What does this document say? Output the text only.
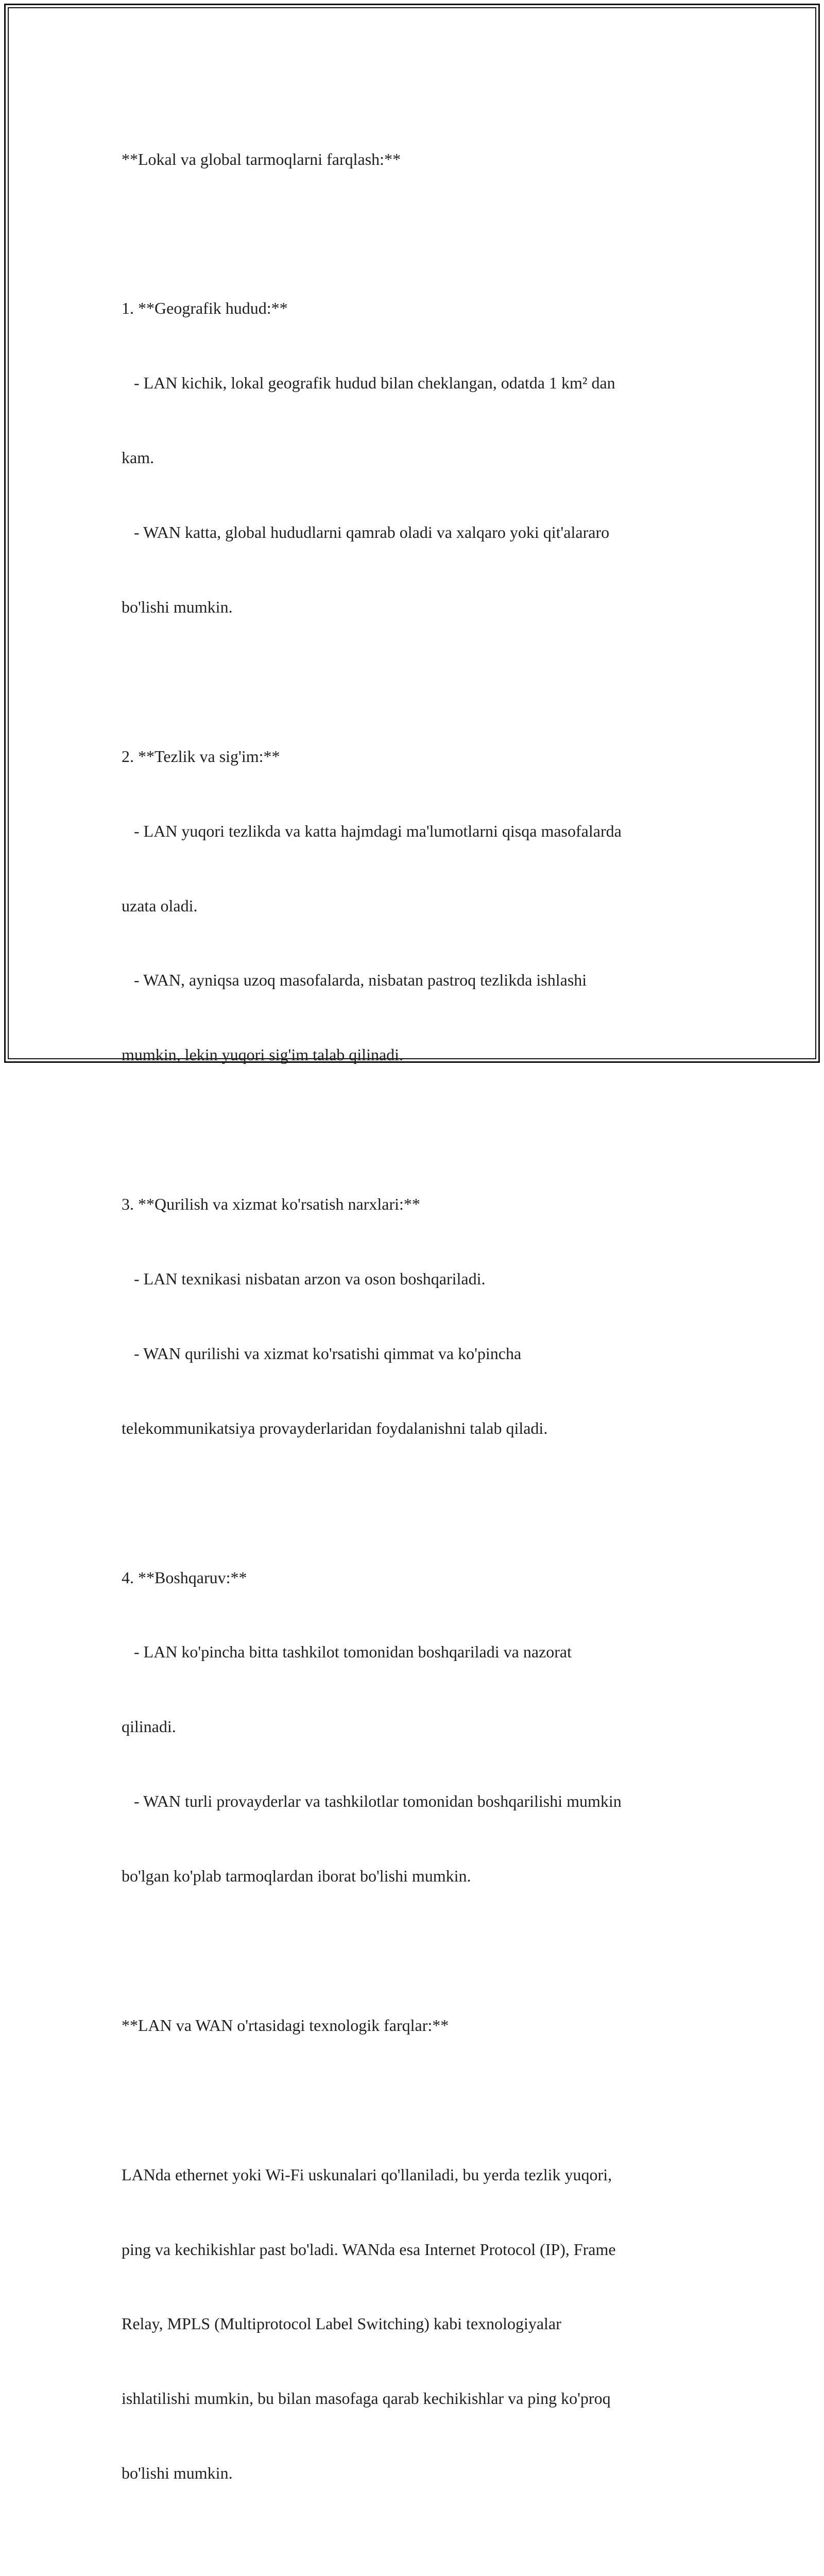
**Lokal va global tarmoqlarni farqlash:**

1. **Geografik hudud:**

- LAN kichik, lokal geografik hudud bilan cheklangan, odatda 1 km² dan

kam.

- WAN katta, global hududlarni qamrab oladi va xalqaro yoki qit'alararo

bo'lishi mumkin.

2. **Tezlik va sig'im:**

- LAN yuqori tezlikda va katta hajmdagi ma'lumotlarni qisqa masofalarda

uzata oladi.

- WAN, ayniqsa uzoq masofalarda, nisbatan pastroq tezlikda ishlashi

mumkin, lekin yuqori sig'im talab qilinadi.

3. **Qurilish va xizmat ko'rsatish narxlari:**

- LAN texnikasi nisbatan arzon va oson boshqariladi.

- WAN qurilishi va xizmat ko'rsatishi qimmat va ko'pincha

telekommunikatsiya provayderlaridan foydalanishni talab qiladi.

4. **Boshqaruv:**

- LAN ko'pincha bitta tashkilot tomonidan boshqariladi va nazorat

qilinadi.

- WAN turli provayderlar va tashkilotlar tomonidan boshqarilishi mumkin

bo'lgan ko'plab tarmoqlardan iborat bo'lishi mumkin.

**LAN va WAN o'rtasidagi texnologik farqlar:**

LANda ethernet yoki Wi-Fi uskunalari qo'llaniladi, bu yerda tezlik yuqori,

ping va kechikishlar past bo'ladi. WANda esa Internet Protocol (IP), Frame

Relay, MPLS (Multiprotocol Label Switching) kabi texnologiyalar

ishlatilishi mumkin, bu bilan masofaga qarab kechikishlar va ping ko'proq

bo'lishi mumkin.
